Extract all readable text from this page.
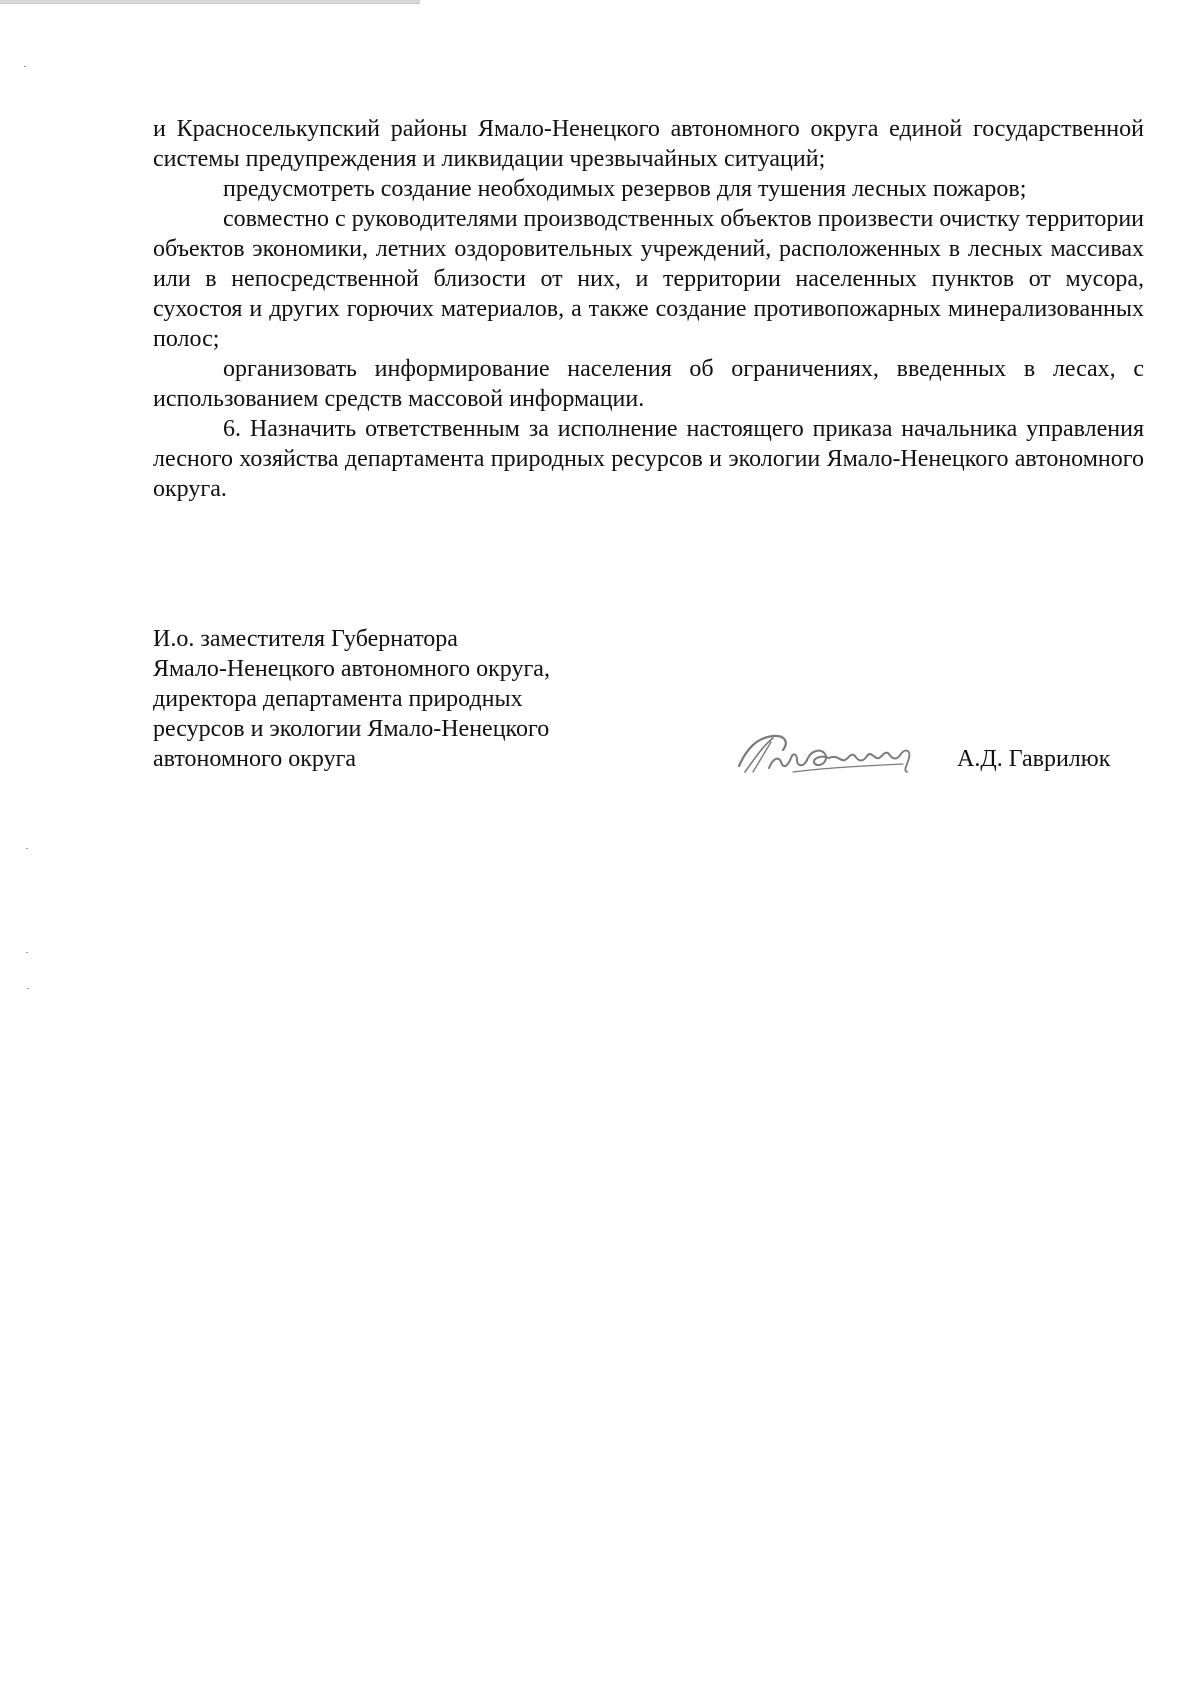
и Красноселькупский районы Ямало-Ненецкого автономного округа единой государственной системы предупреждения и ликвидации чрезвычайных ситуаций;

предусмотреть создание необходимых резервов для тушения лесных пожаров;

совместно с руководителями производственных объектов произвести очистку территории объектов экономики, летних оздоровительных учреждений, расположенных в лесных массивах или в непосредственной близости от них, и территории населенных пунктов от мусора, сухостоя и других горючих материалов, а также создание противопожарных минерализованных полос;

организовать информирование населения об ограничениях, введенных в лесах, с использованием средств массовой информации.

6. Назначить ответственным за исполнение настоящего приказа начальника управления лесного хозяйства департамента природных ресурсов и экологии Ямало-Ненецкого автономного округа.

И.о. заместителя Губернатора
Ямало-Ненецкого автономного округа,
директора департамента природных
ресурсов и экологии Ямало-Ненецкого
автономного округа	А.Д. Гаврилюк
